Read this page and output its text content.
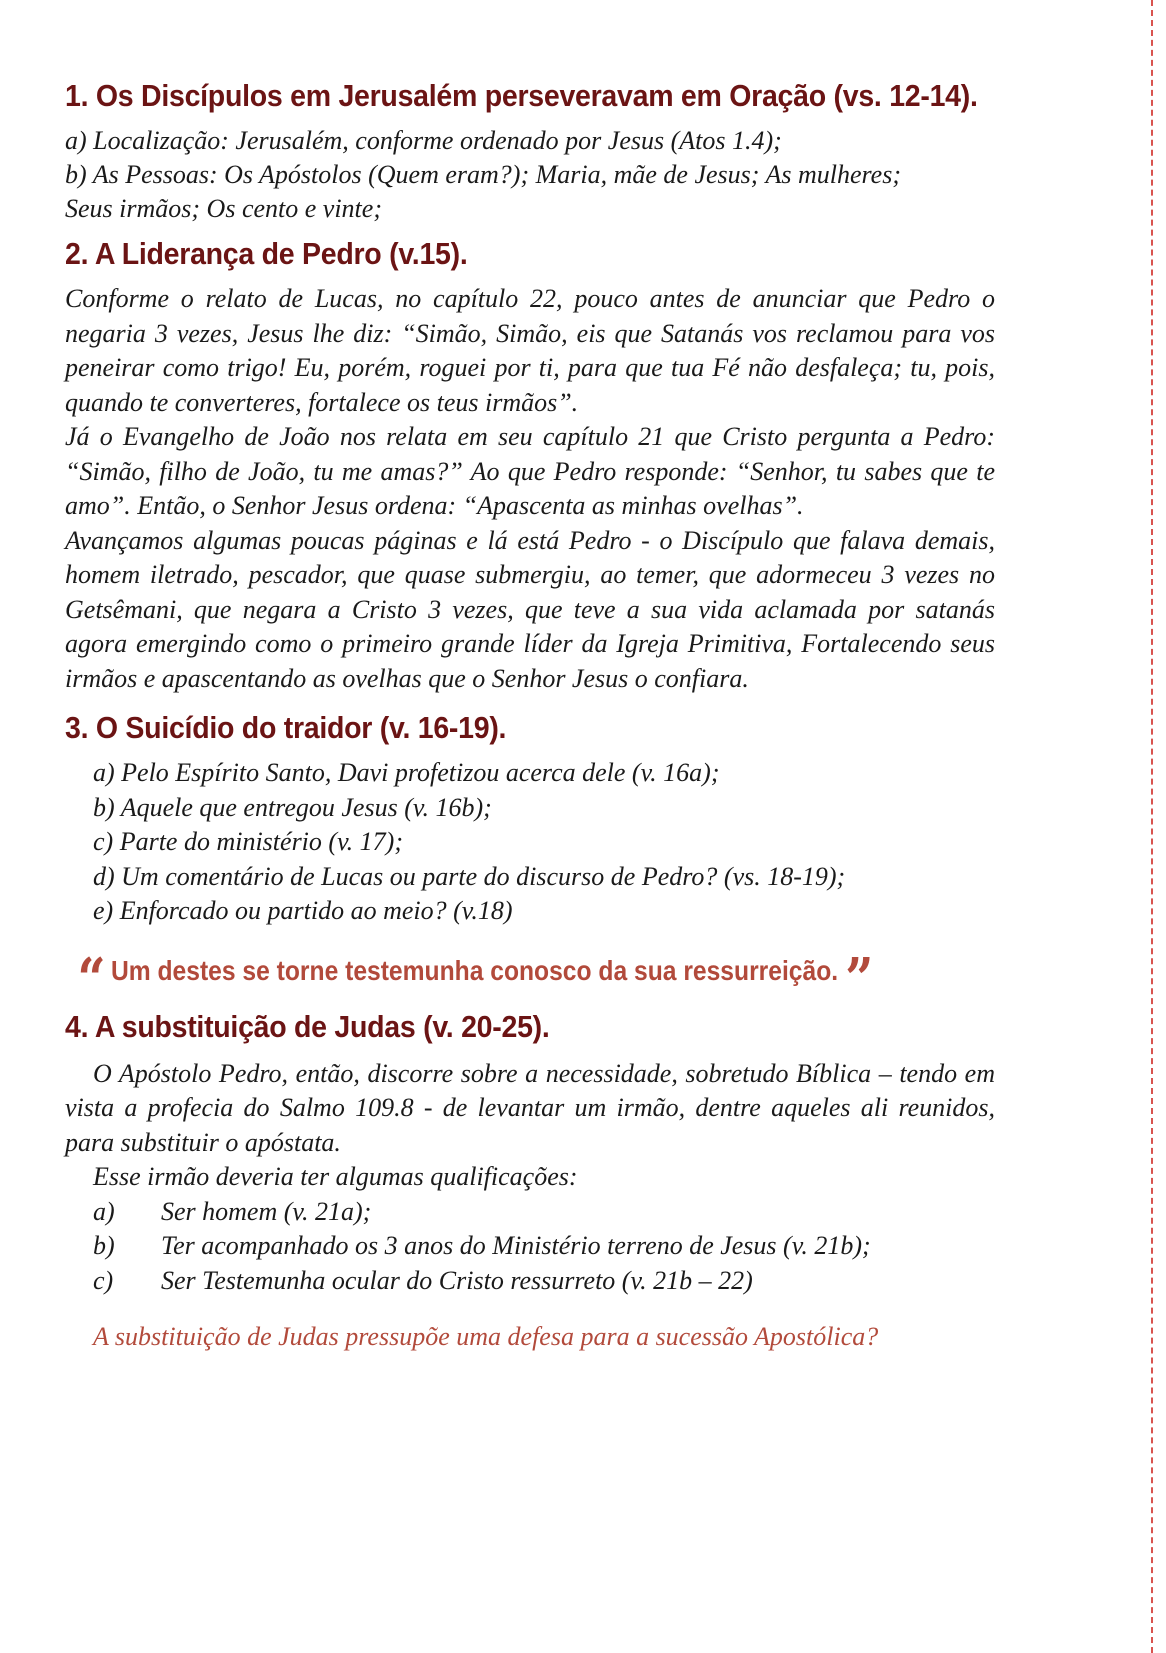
1. Os Discípulos em Jerusalém perseveravam em Oração (vs. 12-14).

a) Localização: Jerusalém, conforme ordenado por Jesus (Atos 1.4);

b) As Pessoas: Os Apóstolos (Quem eram?); Maria, mãe de Jesus; As mulheres;

Seus irmãos; Os cento e vinte;

2. A Liderança de Pedro (v.15).

Conforme o relato de Lucas, no capítulo 22, pouco antes de anunciar que Pedro o negaria 3 vezes, Jesus lhe diz: “Simão, Simão, eis que Satanás vos reclamou para vos peneirar como trigo! Eu, porém, roguei por ti, para que tua Fé não desfaleça; tu, pois, quando te converteres, fortalece os teus irmãos”.

Já o Evangelho de João nos relata em seu capítulo 21 que Cristo pergunta a Pedro: “Simão, filho de João, tu me amas?” Ao que Pedro responde: “Senhor, tu sabes que te amo”. Então, o Senhor Jesus ordena: “Apascenta as minhas ovelhas”.

Avançamos algumas poucas páginas e lá está Pedro - o Discípulo que falava demais, homem iletrado, pescador, que quase submergiu, ao temer, que adormeceu 3 vezes no Getsêmani, que negara a Cristo 3 vezes, que teve a sua vida aclamada por satanás agora emergindo como o primeiro grande líder da Igreja Primitiva, Fortalecendo seus irmãos e apascentando as ovelhas que o Senhor Jesus o confiara.

3. O Suicídio do traidor (v. 16-19).

a) Pelo Espírito Santo, Davi profetizou acerca dele (v. 16a);

b) Aquele que entregou Jesus (v. 16b);

c) Parte do ministério (v. 17);

d) Um comentário de Lucas ou parte do discurso de Pedro? (vs. 18-19);

e) Enforcado ou partido ao meio? (v.18)

“ Um destes se torne testemunha conosco da sua ressurreição. ”
4. A substituição de Judas (v. 20-25).

O Apóstolo Pedro, então, discorre sobre a necessidade, sobretudo Bíblica – tendo em vista a profecia do Salmo 109.8 - de levantar um irmão, dentre aqueles ali reunidos, para substituir o apóstata.

Esse irmão deveria ter algumas qualificações:

a)	Ser homem (v. 21a);
b)	Ter acompanhado os 3 anos do Ministério terreno de Jesus (v. 21b);
c)	Ser Testemunha ocular do Cristo ressurreto (v. 21b – 22)

A substituição de Judas pressupõe uma defesa para a sucessão Apostólica?
